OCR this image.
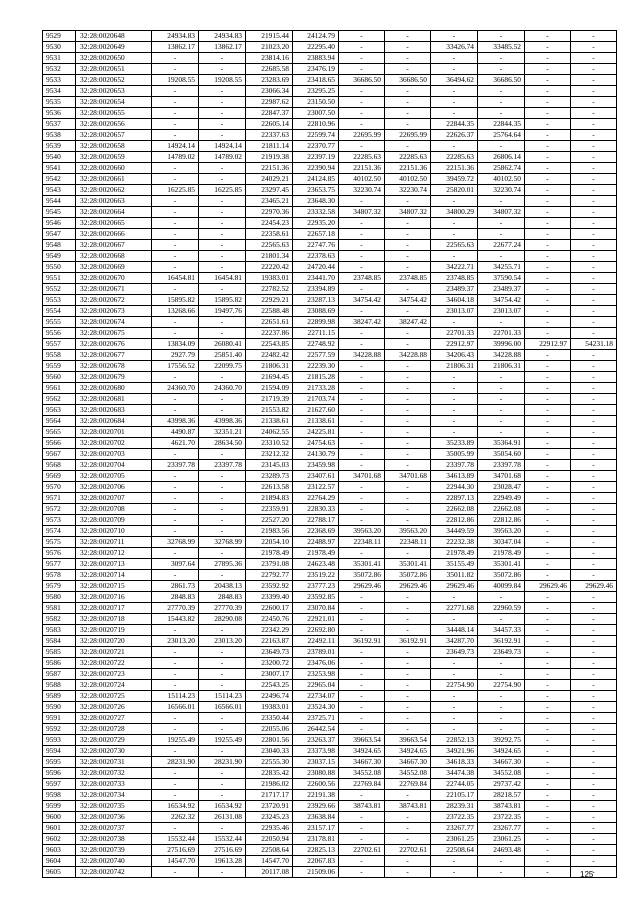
9529	32:28:0020648	24934.83	24934.83	21915.44	24124.79	-	-	-	-	-	-
9530	32:28:0020649	13862.17	13862.17	21023.20	22295.40	-	-	33426.74	33485.52	-	-
9531	32:28:0020650	-	-	23814.16	23883.94	-	-	-	-	-	-
9532	32:28:0020651	-	-	22685.58	23476.19	-	-	-	-	-	-
9533	32:28:0020652	19208.55	19208.55	23283.69	23418.65	36686.50	36686.50	36494.62	36686.50	-	-
9534	32:28:0020653	-	-	23066.34	23295.25	-	-	-	-	-	-
9535	32:28:0020654	-	-	22987.62	23150.50	-	-	-	-	-	-
9536	32:28:0020655	-	-	22847.37	23007.50	-	-	-	-	-	-
9537	32:28:0020656	-	-	22605.14	22810.96	-	-	22844.35	22844.35	-	-
9538	32:28:0020657	-	-	22337.63	22599.74	22695.99	22695.99	22626.37	25764.64	-	-
9539	32:28:0020658	14924.14	14924.14	21811.14	22370.77	-	-	-	-	-	-
9540	32:28:0020659	14789.02	14789.02	21919.38	22397.19	22285.63	22285.63	22285.63	26806.14	-	-
9541	32:28:0020660	-	-	22151.36	22390.94	22151.36	22151.36	22151.36	25862.74	-	-
9542	32:28:0020661	-	-	24029.21	24124.85	40102.50	40102.50	39459.72	40102.50	-	-
9543	32:28:0020662	16225.85	16225.85	23297.45	23653.75	32230.74	32230.74	25820.01	32230.74	-	-
9544	32:28:0020663	-	-	23465.21	23648.30	-	-	-	-	-	-
9545	32:28:0020664	-	-	22970.36	23332.58	34807.32	34807.32	34800.29	34807.32	-	-
9546	32:28:0020665	-	-	22454.23	22935.20	-	-	-	-	-	-
9547	32:28:0020666	-	-	22358.61	22657.18	-	-	-	-	-	-
9548	32:28:0020667	-	-	22565.63	22747.76	-	-	22565.63	22677.24	-	-
9549	32:28:0020668	-	-	21801.34	22378.63	-	-	-	-	-	-
9550	32:28:0020669	-	-	22220.42	24720.44	-	-	34222.71	34255.71	-	-
9551	32:28:0020670	16454.81	16454.81	19383.01	23441.70	23748.85	23748.85	23748.85	37590.54	-	-
9552	32:28:0020671	-	-	22782.52	23394.89	-	-	23489.37	23489.37	-	-
9553	32:28:0020672	15895.82	15895.82	22929.21	23287.13	34754.42	34754.42	34604.18	34754.42	-	-
9554	32:28:0020673	13268.66	19497.76	22588.48	23088.69	-	-	23013.07	23013.07	-	-
9555	32:28:0020674	-	-	22651.61	22899.98	38247.42	38247.42	-	-	-	-
9556	32:28:0020675	-	-	22237.86	22711.15	-	-	22701.33	22701.33	-	-
9557	32:28:0020676	13834.09	26080.41	22543.85	22748.92	-	-	22912.97	39996.00	22912.97	54231.18
9558	32:28:0020677	2927.79	25851.40	22482.42	22577.59	34228.88	34228.88	34206.43	34228.88	-	-
9559	32:28:0020678	17556.52	22099.75	21806.31	22239.30	-	-	21806.31	21806.31	-	-
9560	32:28:0020679	-	-	21694.45	21815.28	-	-	-	-	-	-
9561	32:28:0020680	24360.70	24360.70	21594.09	21733.28	-	-	-	-	-	-
9562	32:28:0020681	-	-	21719.39	21703.74	-	-	-	-	-	-
9563	32:28:0020683	-	-	21553.82	21627.60	-	-	-	-	-	-
9564	32:28:0020684	43998.36	43998.36	21338.61	21338.61	-	-	-	-	-	-
9565	32:28:0020701	4490.87	32351.21	24062.55	24225.81	-	-	-	-	-	-
9566	32:28:0020702	4621.70	28634.50	23310.52	24754.63	-	-	35233.89	35364.91	-	-
9567	32:28:0020703	-	-	23212.32	24130.79	-	-	35005.99	35054.60	-	-
9568	32:28:0020704	23397.78	23397.78	23145.03	23459.98	-	-	23397.78	23397.78	-	-
9569	32:28:0020705	-	-	23289.73	23407.61	34701.68	34701.68	34613.89	34701.68	-	-
9570	32:28:0020706	-	-	22613.58	23122.57	-	-	22944.30	23028.47	-	-
9571	32:28:0020707	-	-	21894.83	22764.29	-	-	22897.13	22949.49	-	-
9572	32:28:0020708	-	-	22359.91	22830.33	-	-	22662.08	22662.08	-	-
9573	32:28:0020709	-	-	22527.20	22788.17	-	-	22812.86	22812.86	-	-
9574	32:28:0020710	-	-	21983.56	22368.69	39563.20	39563.20	34449.59	39563.20	-	-
9575	32:28:0020711	32768.99	32768.99	22054.10	22488.97	22348.11	22348.11	22232.38	30347.04	-	-
9576	32:28:0020712	-	-	21978.49	21978.49	-	-	21978.49	21978.49	-	-
9577	32:28:0020713	3097.64	27895.36	23791.08	24623.48	35301.41	35301.41	35155.49	35301.41	-	-
9578	32:28:0020714	-	-	22792.77	23519.22	35072.86	35072.86	35011.82	35072.86	-	-
9579	32:28:0020715	2861.73	20438.13	23592.92	23777.23	29629.46	29629.46	29629.46	40099.84	29629.46	29629.46
9580	32:28:0020716	2848.83	2848.83	23399.40	23592.85	-	-	-	-	-	-
9581	32:28:0020717	27770.39	27770.39	22600.17	23070.84	-	-	22771.68	22960.59	-	-
9582	32:28:0020718	15443.82	28290.08	22450.76	22921.01	-	-	-	-	-	-
9583	32:28:0020719	-	-	22342.29	22692.80	-	-	34448.14	34457.33	-	-
9584	32:28:0020720	23013.20	23013.20	22163.87	22492.11	36192.91	36192.91	34287.70	36192.91	-	-
9585	32:28:0020721	-	-	23649.73	23789.01	-	-	23649.73	23649.73	-	-
9586	32:28:0020722	-	-	23200.72	23476.06	-	-	-	-	-	-
9587	32:28:0020723	-	-	23007.17	23253.98	-	-	-	-	-	-
9588	32:28:0020724	-	-	22543.25	22965.04	-	-	22754.90	22754.90	-	-
9589	32:28:0020725	15114.23	15114.23	22496.74	22734.07	-	-	-	-	-	-
9590	32:28:0020726	16566.01	16566.01	19383.01	23524.30	-	-	-	-	-	-
9591	32:28:0020727	-	-	23350.44	23725.71	-	-	-	-	-	-
9592	32:28:0020728	-	-	22055.06	26442.54	-	-	-	-	-	-
9593	32:28:0020729	19255.49	19255.49	22801.56	23263.37	39663.54	39663.54	22852.13	39292.75	-	-
9594	32:28:0020730	-	-	23040.33	23373.98	34924.65	34924.65	34921.96	34924.65	-	-
9595	32:28:0020731	28231.90	28231.90	22555.30	23037.15	34667.30	34667.30	34618.33	34667.30	-	-
9596	32:28:0020732	-	-	22835.42	23080.88	34552.08	34552.08	34474.38	34552.08	-	-
9597	32:28:0020733	-	-	21986.02	22600.56	22769.84	22769.84	22744.05	29737.42	-	-
9598	32:28:0020734	-	-	21717.17	22191.38	-	-	22105.17	28218.57	-	-
9599	32:28:0020735	16534.92	16534.92	23720.91	23929.66	38743.81	38743.81	28239.31	38743.81	-	-
9600	32:28:0020736	2262.32	26131.08	23245.23	23638.84	-	-	23722.35	23722.35	-	-
9601	32:28:0020737	-	-	22935.46	23157.17	-	-	23267.77	23267.77	-	-
9602	32:28:0020738	15532.44	15532.44	22050.94	23178.81	-	-	23061.25	23061.25	-	-
9603	32:28:0020739	27516.69	27516.69	22508.64	22825.13	22702.61	22702.61	22508.64	24693.48	-	-
9604	32:28:0020740	14547.70	19613.28	14547.70	22067.83	-	-	-	-	-	-
9605	32:28:0020742	-	-	20117.08	21509.06	-	-	-	-	-	-
125
